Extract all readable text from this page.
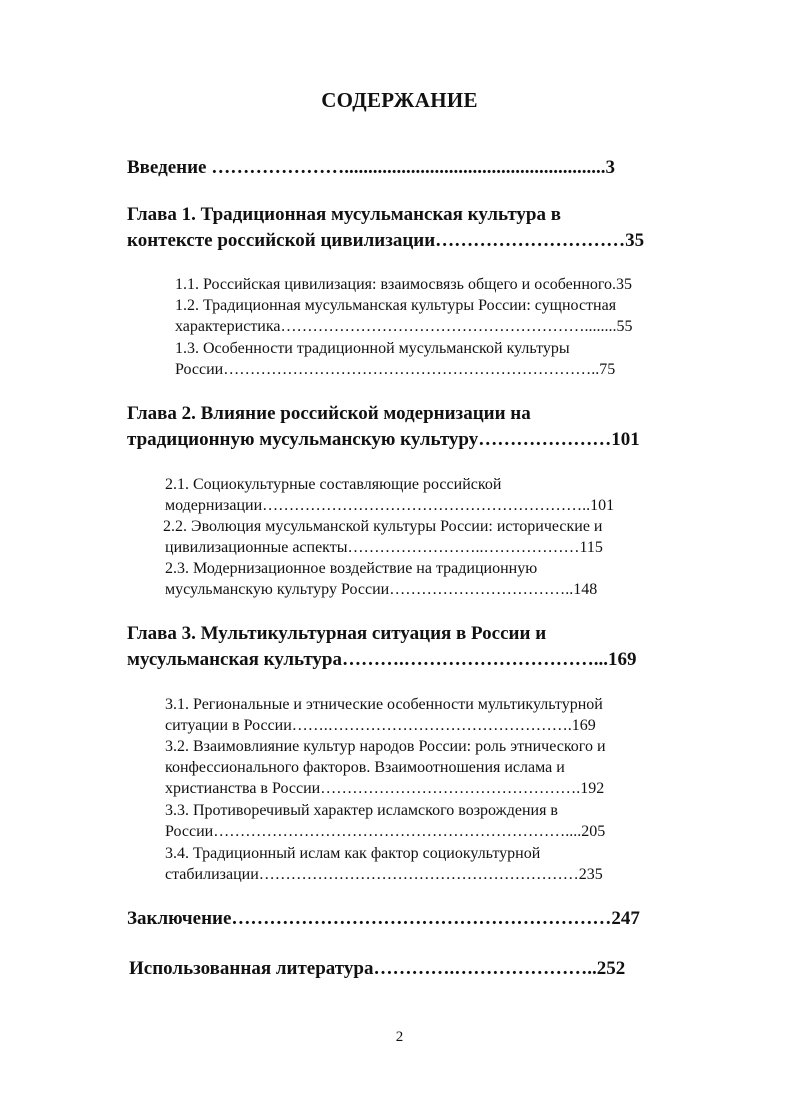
СОДЕРЖАНИЕ
Введение ………………….......................................................3
Глава 1. Традиционная мусульманская культура в
контексте российской цивилизации…………………………35
1.1. Российская цивилизация: взаимосвязь общего и особенного.35
1.2. Традиционная мусульманская культуры России: сущностная
характеристика…………………………………………………........55
1.3. Особенности традиционной мусульманской культуры
России……………………………………………………………..75
Глава 2. Влияние российской модернизации на
традиционную мусульманскую культуру…………………101
2.1. Социокультурные составляющие российской
модернизации……………………………………………………..101
2.2. Эволюция мусульманской культуры России: исторические и
цивилизационные аспекты……………………..………………115
2.3. Модернизационное воздействие на традиционную
мусульманскую культуру России……………………………..148
Глава 3. Мультикультурная ситуация в России и
мусульманская культура……….…………………………...169
3.1. Региональные и этнические особенности мультикультурной
ситуации в России…….……………………………………….169
3.2. Взаимовлияние культур народов России: роль этнического и
конфессионального факторов. Взаимоотношения ислама и
христианства в России………………………………………….192
3.3. Противоречивый характер исламского возрождения в
России…………………………………………………………....205
3.4. Традиционный ислам как фактор социокультурной
стабилизации……………………………………………………235
Заключение……………………………………………………247
Использованная литература………….…………………..252
2
